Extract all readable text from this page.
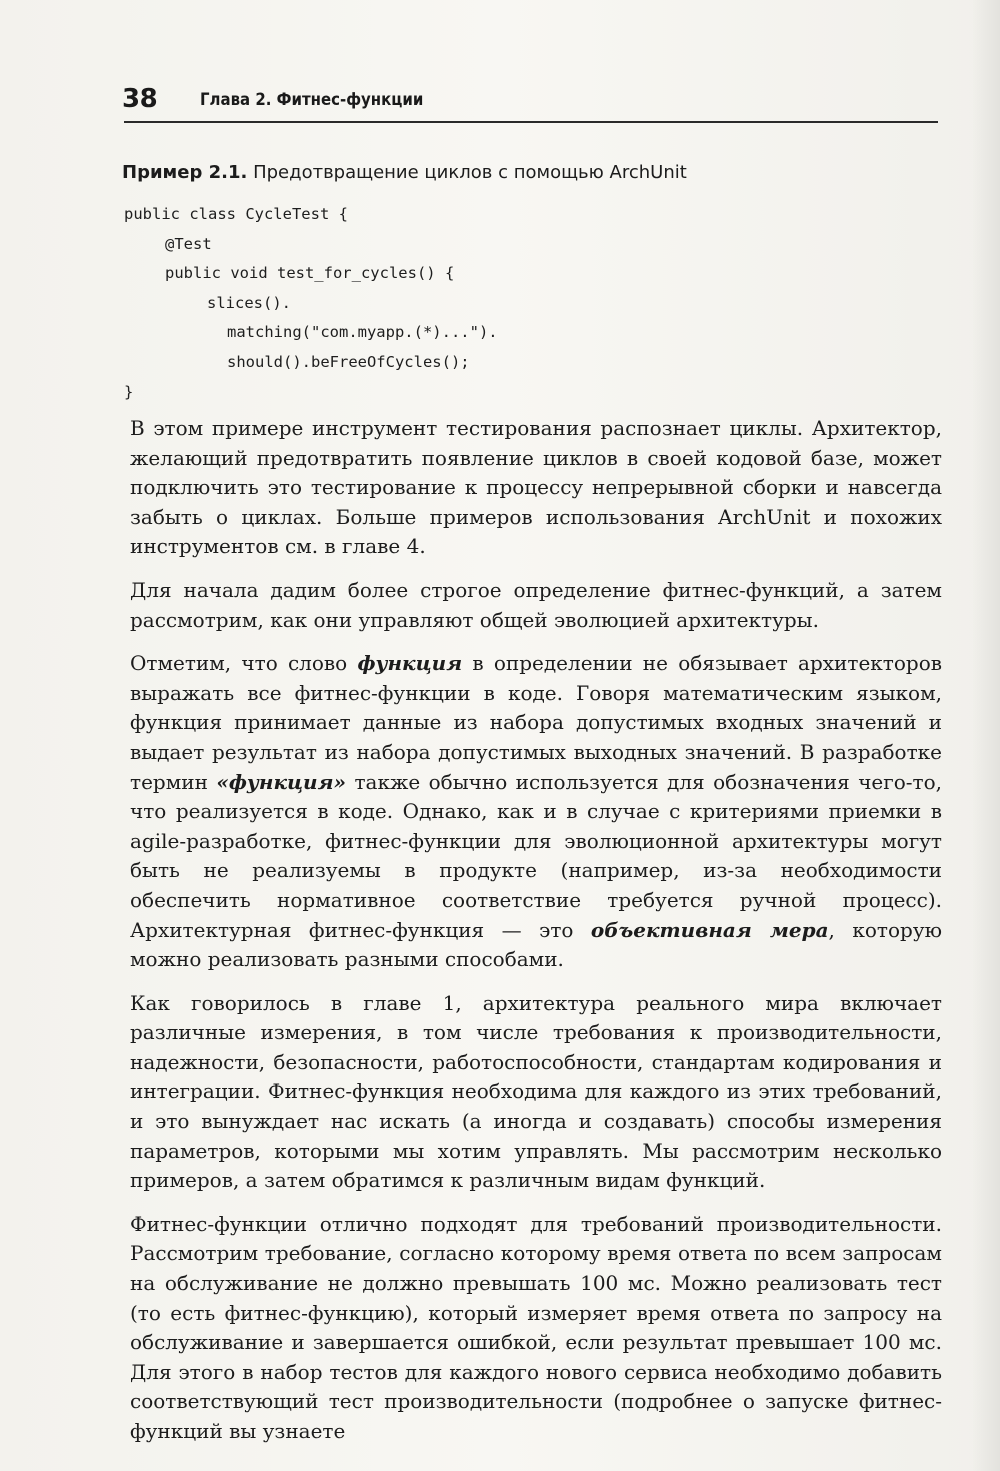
38	Глава 2. Фитнес-функции
Пример 2.1. Предотвращение циклов с помощью ArchUnit
public class CycleTest {
@Test
public void test_for_cycles() {
slices().
matching("com.myapp.(*)...").
should().beFreeOfCycles();
}

В этом примере инструмент тестирования распознает циклы. Архитектор, желающий предотвратить появление циклов в своей кодовой базе, может подключить это тестирование к процессу непрерывной сборки и навсегда забыть о циклах. Больше примеров использования ArchUnit и похожих инструментов см. в главе 4.

Для начала дадим более строгое определение фитнес-функций, а затем рассмотрим, как они управляют общей эволюцией архитектуры.

Отметим, что слово функция в определении не обязывает архитекторов выражать все фитнес-функции в коде. Говоря математическим языком, функция принимает данные из набора допустимых входных значений и выдает результат из набора допустимых выходных значений. В разработке термин «функция» также обычно используется для обозначения чего-то, что реализуется в коде. Однако, как и в случае с критериями приемки в agile-разработке, фитнес-функции для эволюционной архитектуры могут быть не реализуемы в продукте (например, из-за необходимости обеспечить нормативное соответствие требуется ручной процесс). Архитектурная фитнес-функция — это объективная мера, которую можно реализовать разными способами.

Как говорилось в главе 1, архитектура реального мира включает различные измерения, в том числе требования к производительности, надежности, безопасности, работоспособности, стандартам кодирования и интеграции. Фитнес-функция необходима для каждого из этих требований, и это вынуждает нас искать (а иногда и создавать) способы измерения параметров, которыми мы хотим управлять. Мы рассмотрим несколько примеров, а затем обратимся к различным видам функций.

Фитнес-функции отлично подходят для требований производительности. Рассмотрим требование, согласно которому время ответа по всем запросам на обслуживание не должно превышать 100 мс. Можно реализовать тест (то есть фитнес-функцию), который измеряет время ответа по запросу на обслуживание и завершается ошибкой, если результат превышает 100 мс. Для этого в набор тестов для каждого нового сервиса необходимо добавить соответствующий тест производительности (подробнее о запуске фитнес-функций вы узнаете
